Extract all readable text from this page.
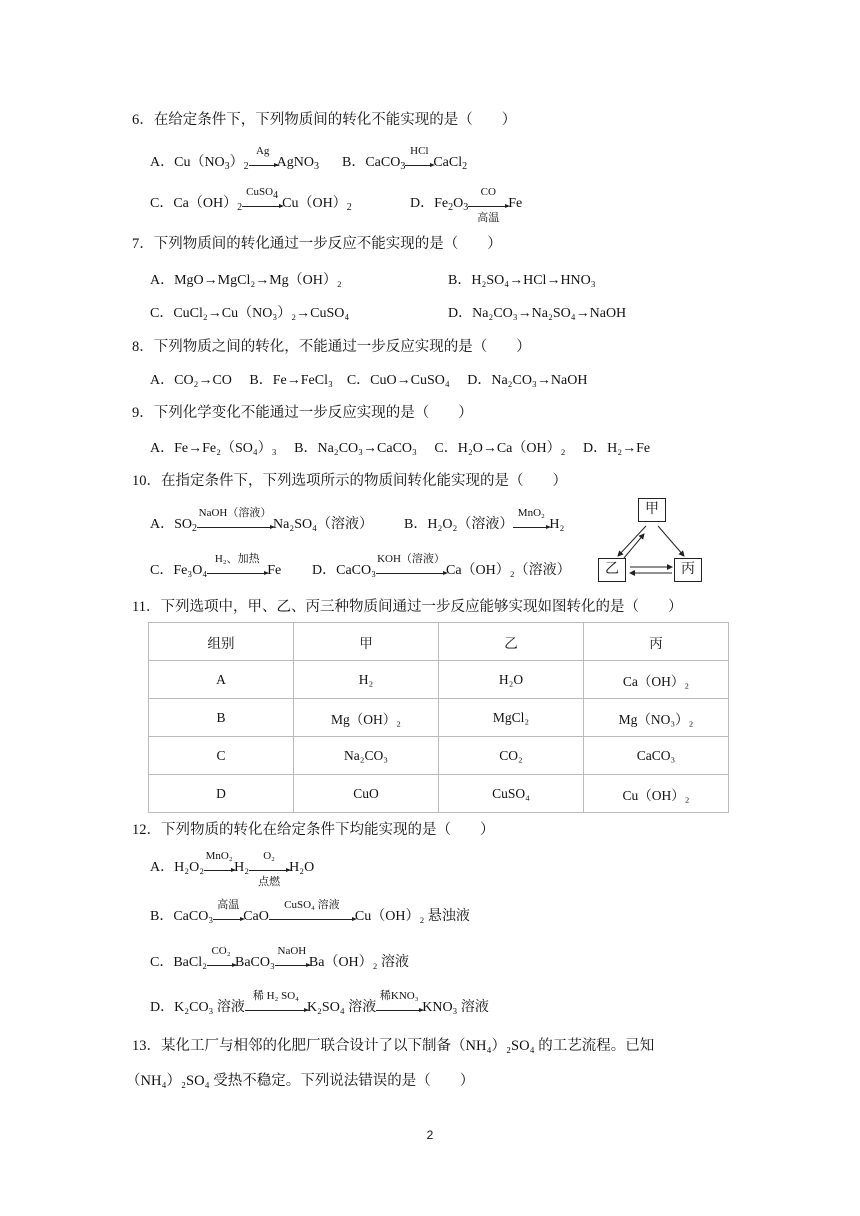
6．在给定条件下，下列物质间的转化不能实现的是（　　）
A．$Cu(NO_3)_2$
Ag
AgNO$_3$ B．CaCO$_3$
HCl
CaCl$_2$
C．$Ca(OH)_2$
CuSO$_4$
$Cu(OH)_2$	D．$Fe_2O_3$
CO
高温
Fe
7．下列物质间的转化通过一步反应不能实现的是（　　）
A．MgO→MgCl₂→Mg（OH）₂	B．H₂SO₄→HCl→HNO₃
C．CuCl₂→Cu（NO₃）₂→CuSO₄	D．Na₂CO₃→Na₂SO₄→NaOH
8．下列物质之间的转化，不能通过一步反应实现的是（　　）
A．CO₂→CO　 B．Fe→FeCl₃　C．CuO→CuSO₄　 D．Na₂CO₃→NaOH
9．下列化学变化不能通过一步反应实现的是（　　）
A．Fe→Fe₂（SO₄）₃　 B．Na₂CO₃→CaCO₃　 C．H₂O→Ca（OH）₂　 D．H₂→Fe
10．在指定条件下，下列选项所示的物质间转化能实现的是（　　）
A．$SO_2$
NaOH（溶液）
Na₂SO₄（溶液） B．H₂O₂（溶液）
MnO₂
H₂
C．Fe₃O₄
H₂、加热
Fe D．CaCO₃
KOH（溶液）
Ca（OH）₂（溶液）
甲
乙	丙
11．下列选项中，甲、乙、丙三种物质间通过一步反应能够实现如图转化的是（　　）
组别	甲	乙	丙
A	H₂	H₂O	Ca（OH）₂
B	Mg（OH）₂	MgCl₂	Mg（NO₃）₂
C	Na₂CO₃	CO₂	CaCO₃
D	CuO	CuSO₄	Cu（OH）₂
12．下列物质的转化在给定条件下均能实现的是（　　）
A．H₂O₂
MnO₂
H₂
O₂
点燃
H₂O
B．CaCO₃
高温
CaO
CuSO₄ 溶液
Cu（OH）₂ 悬浊液
C．BaCl₂
CO₂
BaCO₃
NaOH
Ba（OH）₂ 溶液
D．K₂CO₃ 溶液
稀 H₂ SO₄
K₂SO₄ 溶液
稀KNO₃
KNO₃ 溶液
13．某化工厂与相邻的化肥厂联合设计了以下制备（NH₄）₂SO₄ 的工艺流程。已知
（NH₄）₂SO₄ 受热不稳定。下列说法错误的是（　　）
2
